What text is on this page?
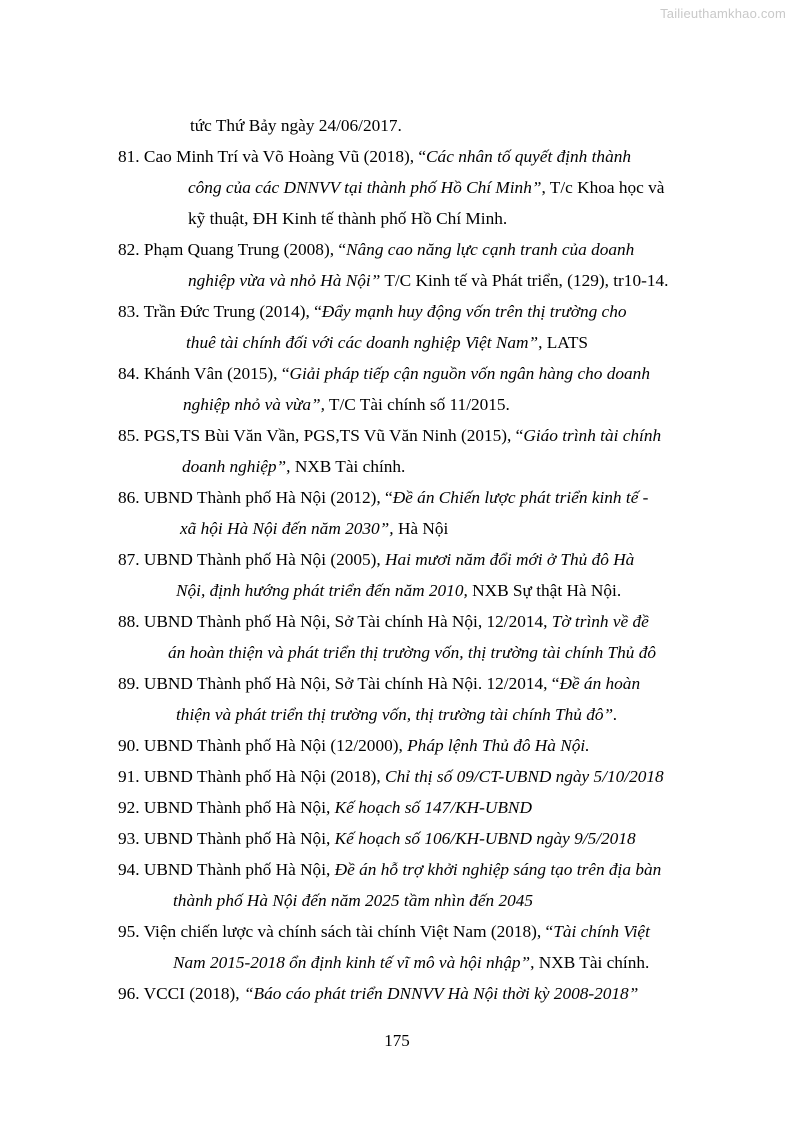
Tailieuthamkhao.com
tức Thứ Bảy ngày 24/06/2017.
81. Cao Minh Trí và Võ Hoàng Vũ (2018), “Các nhân tố quyết định thành
công của các DNNVV tại thành phố Hồ Chí Minh”, T/c Khoa học và
kỹ thuật, ĐH Kinh tế thành phố Hồ Chí Minh.
82. Phạm Quang Trung (2008), “Nâng cao năng lực cạnh tranh của doanh
nghiệp vừa và nhỏ Hà Nội” T/C Kinh tế và Phát triển, (129), tr10-14.
83. Trần Đức Trung (2014), “Đẩy mạnh huy động vốn trên thị trường cho
thuê tài chính đối với các doanh nghiệp Việt Nam”, LATS
84. Khánh Vân (2015), “Giải pháp tiếp cận nguồn vốn ngân hàng cho doanh
nghiệp nhỏ và vừa”, T/C Tài chính số 11/2015.
85. PGS,TS Bùi Văn Vần, PGS,TS Vũ Văn Ninh (2015), “Giáo trình tài chính
doanh nghiệp”, NXB Tài chính.
86. UBND Thành phố Hà Nội (2012), “Đề án Chiến lược phát triển kinh tế -
xã hội Hà Nội đến năm 2030”, Hà Nội
87. UBND Thành phố Hà Nội (2005), Hai mươi năm đổi mới ở Thủ đô Hà
Nội, định hướng phát triển đến năm 2010, NXB Sự thật Hà Nội.
88. UBND Thành phố Hà Nội, Sở Tài chính Hà Nội, 12/2014, Tờ trình về đề
án hoàn thiện và phát triển thị trường vốn, thị trường tài chính Thủ đô
89. UBND Thành phố Hà Nội, Sở Tài chính Hà Nội. 12/2014, “Đề án hoàn
thiện và phát triển thị trường vốn, thị trường tài chính Thủ đô”.
90. UBND Thành phố Hà Nội (12/2000), Pháp lệnh Thủ đô Hà Nội.
91. UBND Thành phố Hà Nội (2018), Chỉ thị số 09/CT-UBND ngày 5/10/2018
92. UBND Thành phố Hà Nội, Kế hoạch số 147/KH-UBND
93. UBND Thành phố Hà Nội, Kế hoạch số 106/KH-UBND ngày 9/5/2018
94. UBND Thành phố Hà Nội, Đề án hỗ trợ khởi nghiệp sáng tạo trên địa bàn
thành phố Hà Nội đến năm 2025 tầm nhìn đến 2045
95. Viện chiến lược và chính sách tài chính Việt Nam (2018), “Tài chính Việt
Nam 2015-2018 ổn định kinh tế vĩ mô và hội nhập”, NXB Tài chính.
96. VCCI (2018), “Báo cáo phát triển DNNVV Hà Nội thời kỳ 2008-2018”
175
